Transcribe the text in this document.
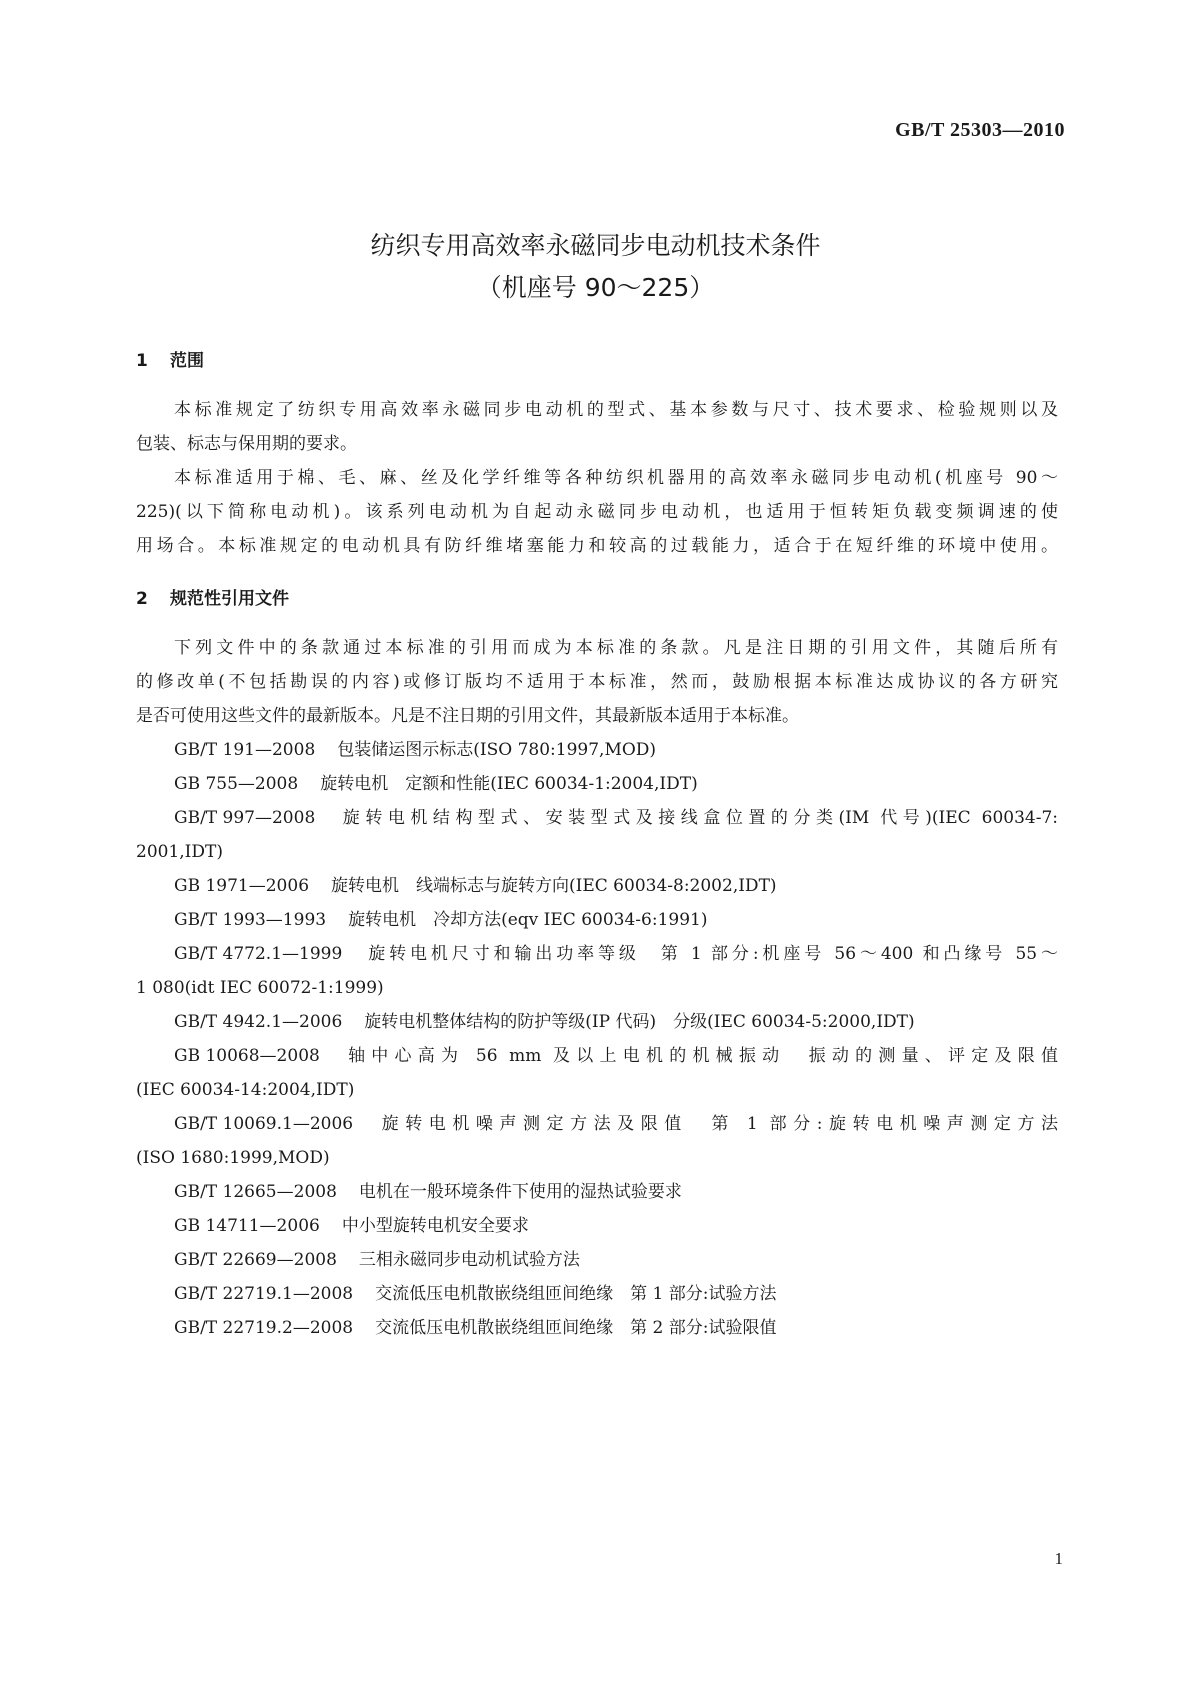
GB/T 25303—2010
纺织专用高效率永磁同步电动机技术条件
（机座号 90～225）
1 范围
本标准规定了纺织专用高效率永磁同步电动机的型式、基本参数与尺寸、技术要求、检验规则以及
包装、标志与保用期的要求。
本标准适用于棉、毛、麻、丝及化学纤维等各种纺织机器用的高效率永磁同步电动机(机座号 90～
225)(以下简称电动机)。该系列电动机为自起动永磁同步电动机，也适用于恒转矩负载变频调速的使
用场合。本标准规定的电动机具有防纤维堵塞能力和较高的过载能力，适合于在短纤维的环境中使用。
2 规范性引用文件
下列文件中的条款通过本标准的引用而成为本标准的条款。凡是注日期的引用文件，其随后所有
的修改单(不包括勘误的内容)或修订版均不适用于本标准，然而，鼓励根据本标准达成协议的各方研究
是否可使用这些文件的最新版本。凡是不注日期的引用文件，其最新版本适用于本标准。
GB/T 191—2008 包装储运图示标志(ISO 780:1997,MOD)
GB 755—2008 旋转电机　定额和性能(IEC 60034-1:2004,IDT)
GB/T 997—2008 旋转电机结构型式、安装型式及接线盒位置的分类(IM 代号)(IEC 60034-7:
2001,IDT)
GB 1971—2006 旋转电机　线端标志与旋转方向(IEC 60034-8:2002,IDT)
GB/T 1993—1993 旋转电机　冷却方法(eqv IEC 60034-6:1991)
GB/T 4772.1—1999 旋转电机尺寸和输出功率等级　第 1 部分:机座号 56～400 和凸缘号 55～
1 080(idt IEC 60072-1:1999)
GB/T 4942.1—2006 旋转电机整体结构的防护等级(IP 代码)　分级(IEC 60034-5:2000,IDT)
GB 10068—2008 轴中心高为 56 mm 及以上电机的机械振动　振动的测量、评定及限值
(IEC 60034-14:2004,IDT)
GB/T 10069.1—2006 旋转电机噪声测定方法及限值　第 1 部分:旋转电机噪声测定方法
(ISO 1680:1999,MOD)
GB/T 12665—2008 电机在一般环境条件下使用的湿热试验要求
GB 14711—2006 中小型旋转电机安全要求
GB/T 22669—2008 三相永磁同步电动机试验方法
GB/T 22719.1—2008 交流低压电机散嵌绕组匝间绝缘　第 1 部分:试验方法
GB/T 22719.2—2008 交流低压电机散嵌绕组匝间绝缘　第 2 部分:试验限值
1
